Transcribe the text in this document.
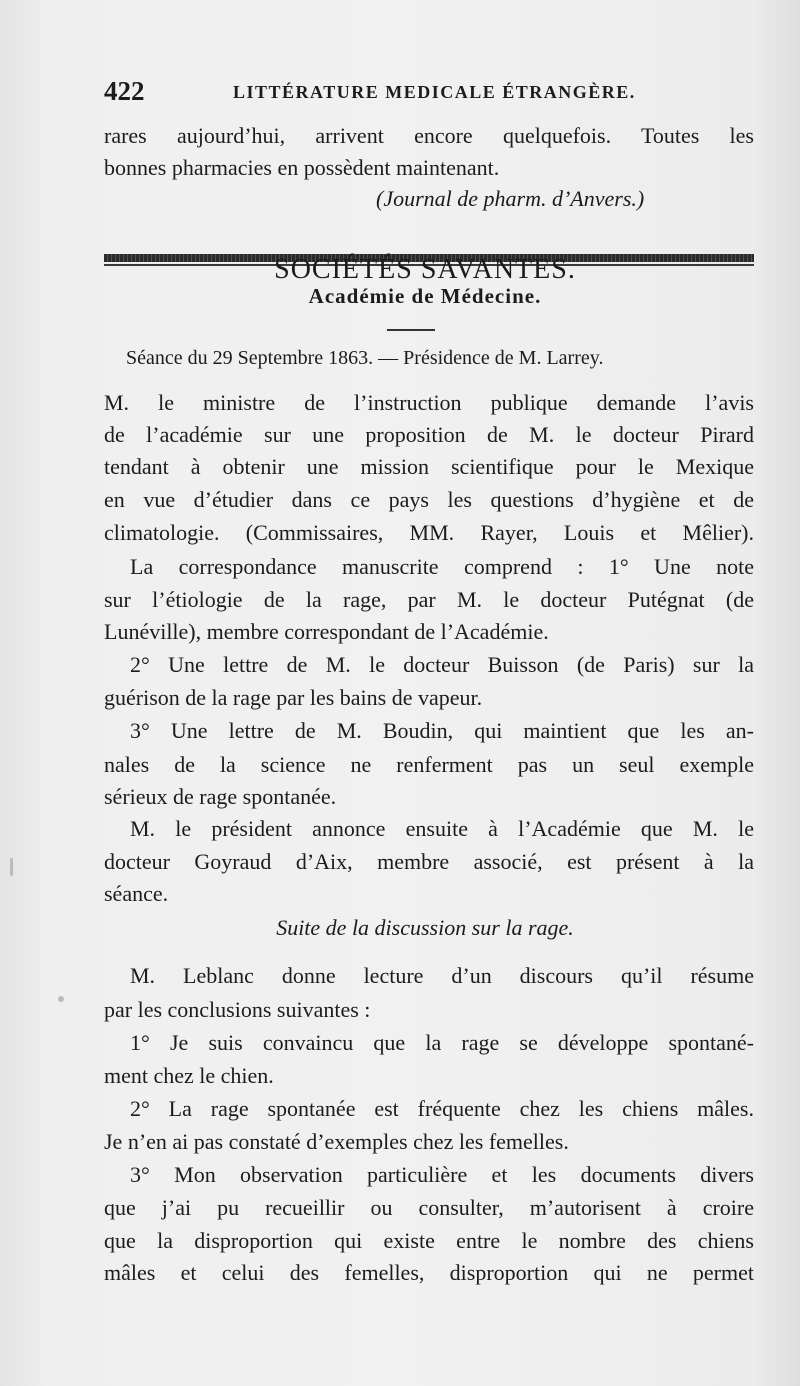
422	LITTÉRATURE MEDICALE ÉTRANGÈRE.

rares aujourd’hui, arrivent encore quelquefois. Toutes les

bonnes pharmacies en possèdent maintenant.

(Journal de pharm. d’Anvers.)
SOCIÉTÉS SAVANTES.
Académie de Médecine.
Séance du 29 Septembre 1863. — Présidence de M. Larrey.

M. le ministre de l’instruction publique demande l’avis

de l’académie sur une proposition de M. le docteur Pirard

tendant à obtenir une mission scientifique pour le Mexique

en vue d’étudier dans ce pays les questions d’hygiène et de

climatologie. (Commissaires, MM. Rayer, Louis et Mêlier).

La correspondance manuscrite comprend : 1° Une note

sur l’étiologie de la rage, par M. le docteur Putégnat (de

Lunéville), membre correspondant de l’Académie.

2° Une lettre de M. le docteur Buisson (de Paris) sur la

guérison de la rage par les bains de vapeur.

3° Une lettre de M. Boudin, qui maintient que les an-

nales de la science ne renferment pas un seul exemple

sérieux de rage spontanée.

M. le président annonce ensuite à l’Académie que M. le

docteur Goyraud d’Aix, membre associé, est présent à la

séance.

Suite de la discussion sur la rage.

M. Leblanc donne lecture d’un discours qu’il résume

par les conclusions suivantes :

1° Je suis convaincu que la rage se développe spontané-

ment chez le chien.

2° La rage spontanée est fréquente chez les chiens mâles.

Je n’en ai pas constaté d’exemples chez les femelles.

3° Mon observation particulière et les documents divers

que j’ai pu recueillir ou consulter, m’autorisent à croire

que la disproportion qui existe entre le nombre des chiens

mâles et celui des femelles, disproportion qui ne permet
